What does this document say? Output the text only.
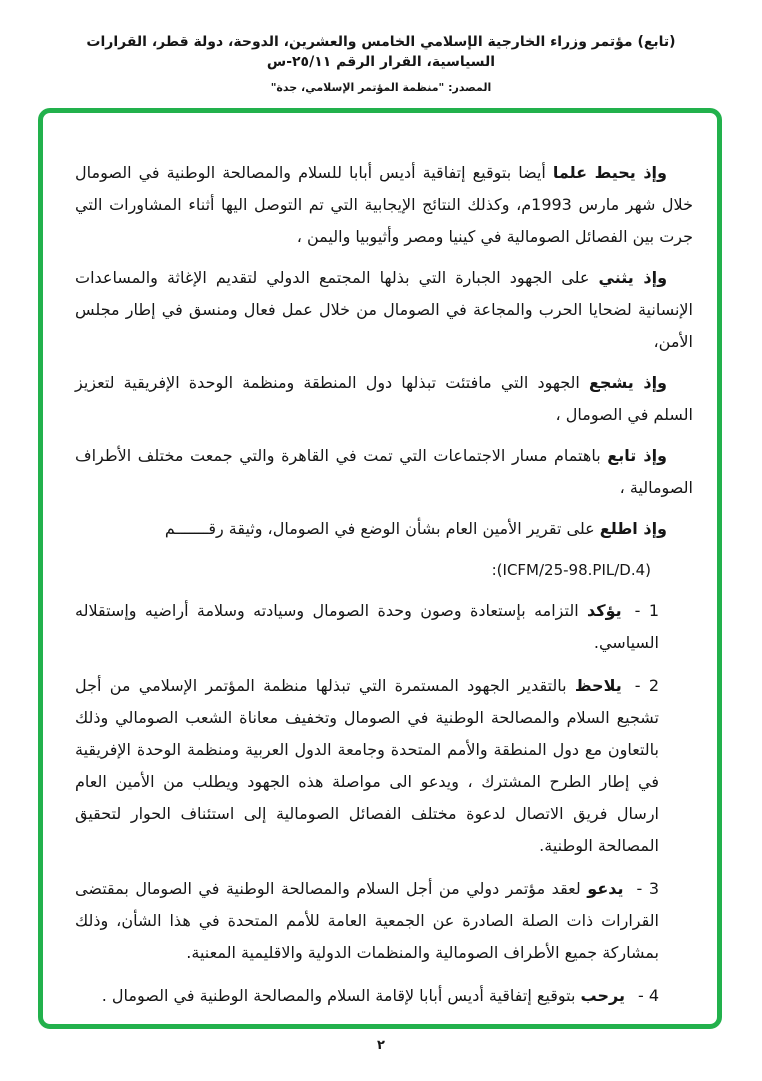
(تابع) مؤتمر وزراء الخارجية الإسلامي الخامس والعشرين، الدوحة، دولة قطر، القرارات السياسية، القرار الرقم ٢٥/١١-س
المصدر: "منظمة المؤتمر الإسلامي، جدة"

وإذ يحيط علما أيضا بتوقيع إتفاقية أديس أبابا للسلام والمصالحة الوطنية في الصومال خلال شهر مارس 1993م، وكذلك النتائج الإيجابية التي تم التوصل اليها أثناء المشاورات التي جرت بين الفصائل الصومالية في كينيا ومصر وأثيوبيا واليمن ،

وإذ يثني على الجهود الجبارة التي بذلها المجتمع الدولي لتقديم الإغاثة والمساعدات الإنسانية لضحايا الحرب والمجاعة في الصومال من خلال عمل فعال ومنسق في إطار مجلس الأمن،

وإذ يشجع الجهود التي مافتئت تبذلها دول المنطقة ومنظمة الوحدة الإفريقية لتعزيز السلم في الصومال ،

وإذ تابع باهتمام مسار الاجتماعات التي تمت في القاهرة والتي جمعت مختلف الأطراف الصومالية ،

وإذ اطلع على تقرير الأمين العام بشأن الوضع في الصومال، وثيقة رقـــــــم

:(ICFM/25-98.PIL/D.4)

1 -يؤكد التزامه بإستعادة وصون وحدة الصومال وسيادته وسلامة أراضيه وإستقلاله السياسي.

2 -يلاحظ بالتقدير الجهود المستمرة التي تبذلها منظمة المؤتمر الإسلامي من أجل تشجيع السلام والمصالحة الوطنية في الصومال وتخفيف معاناة الشعب الصومالي وذلك بالتعاون مع دول المنطقة والأمم المتحدة وجامعة الدول العربية ومنظمة الوحدة الإفريقية في إطار الطرح المشترك ، ويدعو الى مواصلة هذه الجهود ويطلب من الأمين العام ارسال فريق الاتصال لدعوة مختلف الفصائل الصومالية إلى استئناف الحوار لتحقيق المصالحة الوطنية.

3 -يدعو لعقد مؤتمر دولي من أجل السلام والمصالحة الوطنية في الصومال بمقتضى القرارات ذات الصلة الصادرة عن الجمعية العامة للأمم المتحدة في هذا الشأن، وذلك بمشاركة جميع الأطراف الصومالية والمنظمات الدولية والاقليمية المعنية.

4 -يرحب بتوقيع إتفاقية أديس أبابا لإقامة السلام والمصالحة الوطنية في الصومال .

٢
